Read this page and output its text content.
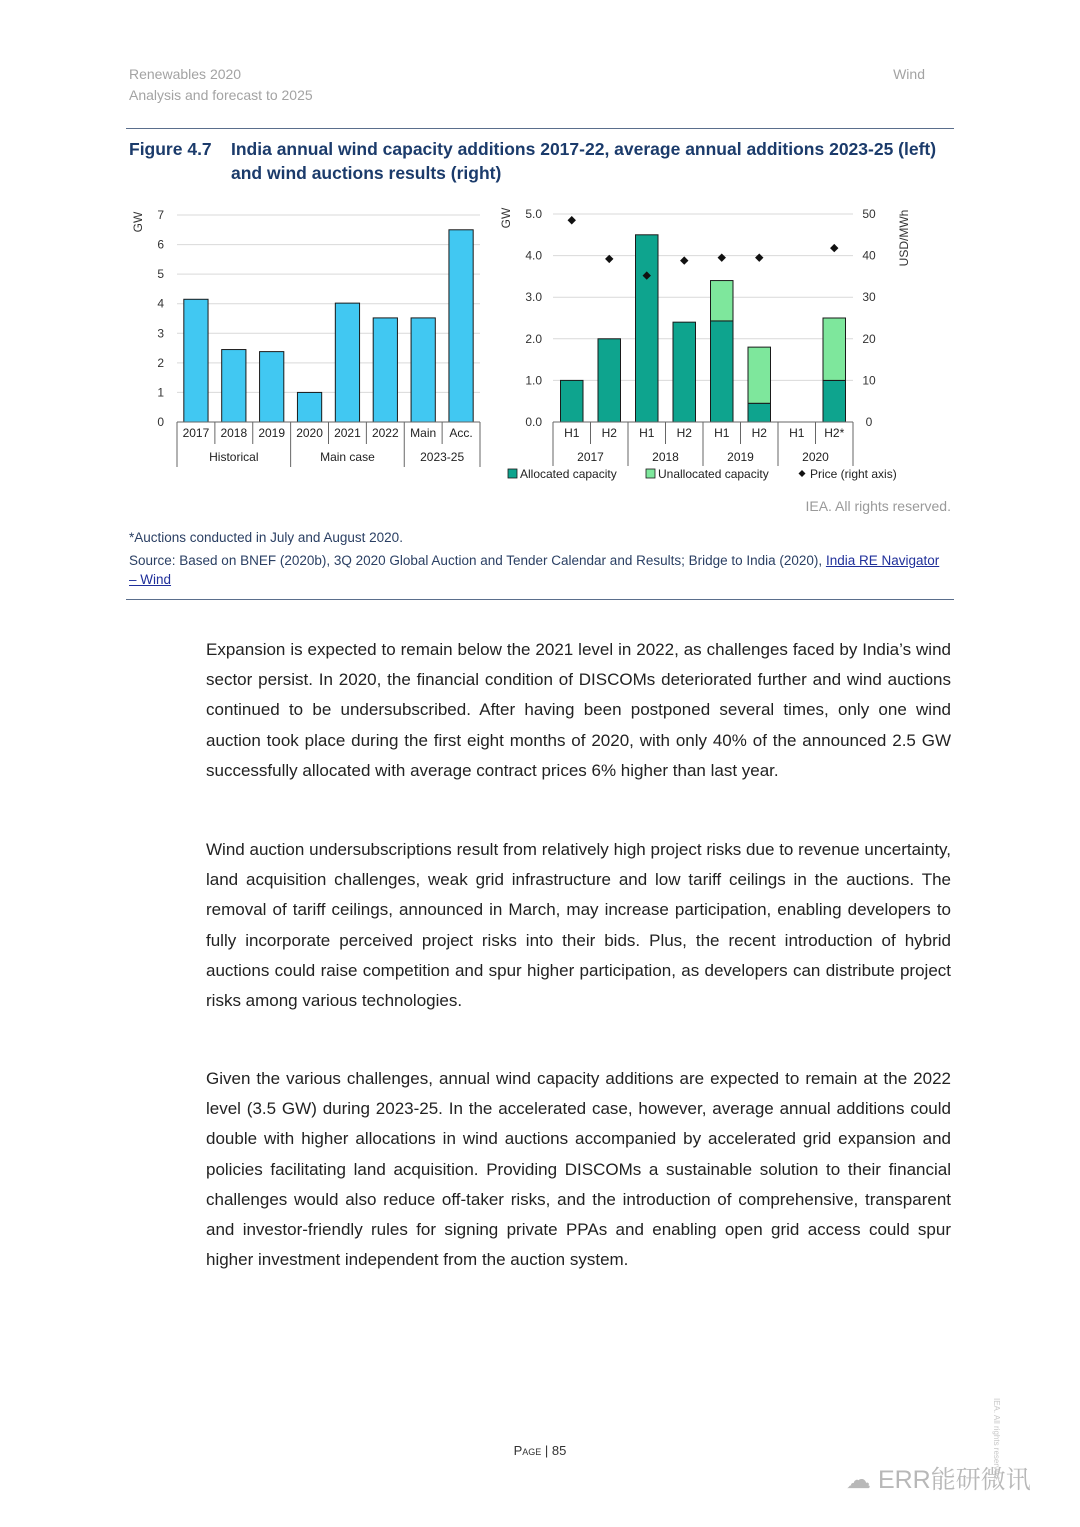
Renewables 2020
Analysis and forecast to 2025
Wind
Figure 4.7 India annual wind capacity additions 2017-22, average annual additions 2023-25 (left) and wind auctions results (right)
0
1
2
3
4
5
6
7
GW
2017 2018 2019 2020 2021 2022 Main Acc.
Historical	Main case	2023-25
0.0
1.0
2.0
3.0
4.0
5.0
0
10
20
30
40
50
GW	USD/MWh
H1 H2 H1 H2 H1 H2 H1 H2*
2017	2018	2019	2020
Allocated capacity	Unallocated capacity	Price (right axis)
IEA. All rights reserved.
*Auctions conducted in July and August 2020.
Source: Based on BNEF (2020b), 3Q 2020 Global Auction and Tender Calendar and Results; Bridge to India (2020), India RE Navigator – Wind
Expansion is expected to remain below the 2021 level in 2022, as challenges faced by India’s wind sector persist. In 2020, the financial condition of DISCOMs deteriorated further and wind auctions continued to be undersubscribed. After having been postponed several times, only one wind auction took place during the first eight months of 2020, with only 40% of the announced 2.5 GW successfully allocated with average contract prices 6% higher than last year.
Wind auction undersubscriptions result from relatively high project risks due to revenue uncertainty, land acquisition challenges, weak grid infrastructure and low tariff ceilings in the auctions. The removal of tariff ceilings, announced in March, may increase participation, enabling developers to fully incorporate perceived project risks into their bids. Plus, the recent introduction of hybrid auctions could raise competition and spur higher participation, as developers can distribute project risks among various technologies.
Given the various challenges, annual wind capacity additions are expected to remain at the 2022 level (3.5 GW) during 2023-25. In the accelerated case, however, average annual additions could double with higher allocations in wind auctions accompanied by accelerated grid expansion and policies facilitating land acquisition. Providing DISCOMs a sustainable solution to their financial challenges would also reduce off-taker risks, and the introduction of comprehensive, transparent and investor-friendly rules for signing private PPAs and enabling open grid access could spur higher investment independent from the auction system.
Page | 85
☁ ERR能研微讯
IEA. All rights reserved.
